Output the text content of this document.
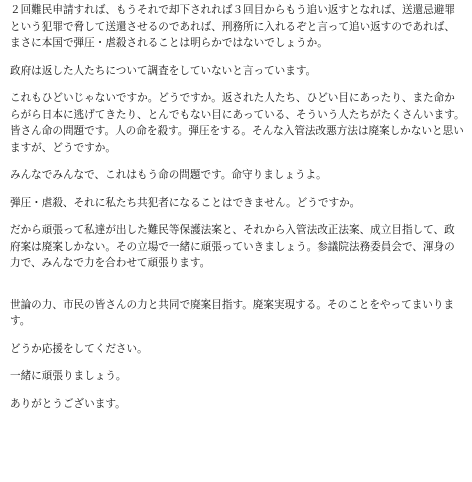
２回難民申請すれば、もうそれで却下されれば３回目からもう追い返すとなれば、送還忌避罪という犯罪で脅して送還させるのであれば、刑務所に入れるぞと言って追い返すのであれば、まさに本国で弾圧・虐殺されることは明らかではないでしょうか。

政府は返した人たちについて調査をしていないと言っています。

これもひどいじゃないですか。どうですか。返された人たち、ひどい目にあったり、また命からがら日本に逃げてきたり、とんでもない目にあっている、そういう人たちがたくさんいます。皆さん命の問題です。人の命を殺す。弾圧をする。そんな入管法改悪方法は廃案しかないと思いますが、どうですか。

みんなでみんなで、これはもう命の問題です。命守りましょうよ。

弾圧・虐殺、それに私たち共犯者になることはできません。どうですか。

だから頑張って私達が出した難民等保護法案と、それから入管法改正法案、成立目指して、政府案は廃案しかない。その立場で一緒に頑張っていきましょう。参議院法務委員会で、渾身の力で、みんなで力を合わせて頑張ります。

世論の力、市民の皆さんの力と共同で廃案目指す。廃案実現する。そのことをやってまいります。

どうか応援をしてください。

一緒に頑張りましょう。

ありがとうございます。
